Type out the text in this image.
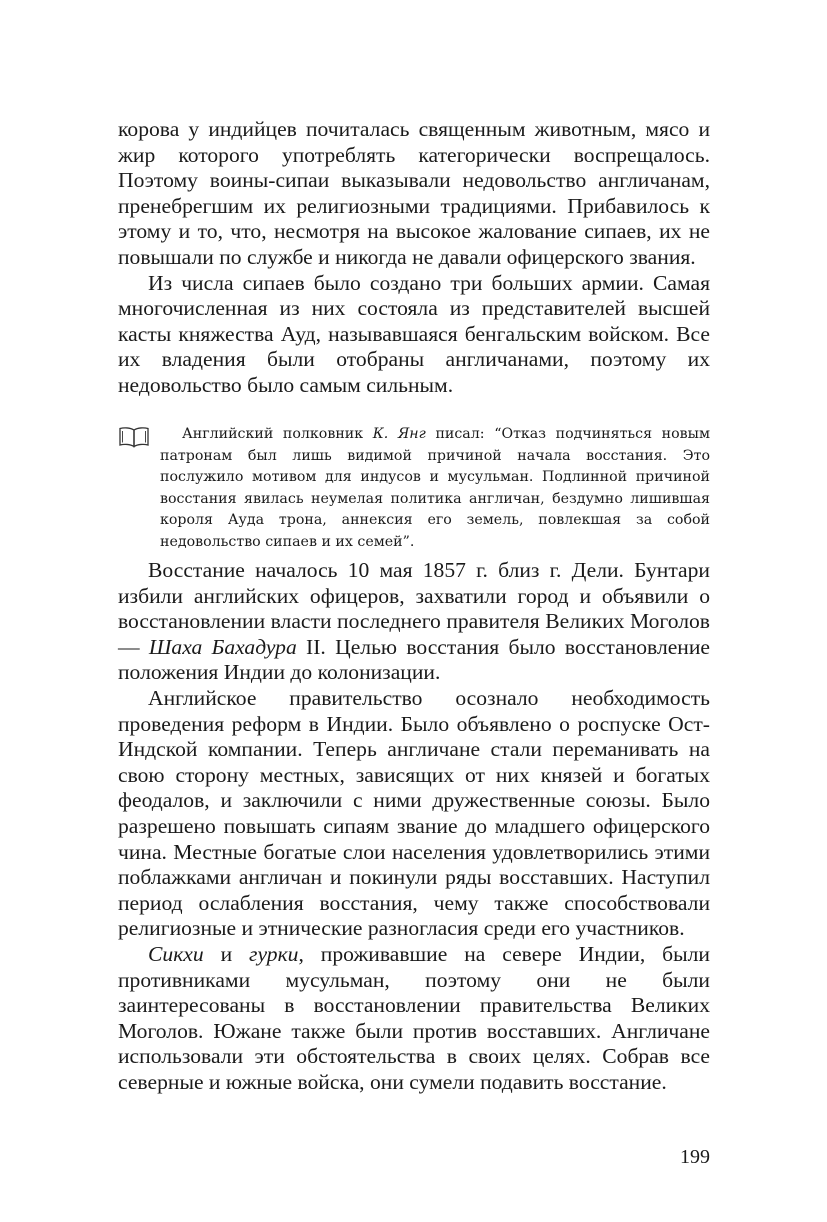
корова у индийцев почиталась священным животным, мясо и жир которого употреблять категорически воспрещалось. Поэтому воины-сипаи выказывали недовольство англичанам, пренебрегшим их религиозными традициями. Прибавилось к этому и то, что, несмотря на высокое жалование сипаев, их не повышали по службе и никогда не давали офицерского звания.

Из числа сипаев было создано три больших армии. Самая многочисленная из них состояла из представителей высшей касты княжества Ауд, называвшаяся бенгальским войском. Все их владения были отобраны англичанами, поэтому их недовольство было самым сильным.

Английский полковник К. Янг писал: “Отказ подчиняться новым патронам был лишь видимой причиной начала восстания. Это послужило мотивом для индусов и мусульман. Подлинной причиной восстания явилась неумелая политика англичан, бездумно лишившая короля Ауда трона, аннексия его земель, повлекшая за собой недовольство сипаев и их семей”.

Восстание началось 10 мая 1857 г. близ г. Дели. Бунтари избили английских офицеров, захватили город и объявили о восстановлении власти последнего правителя Великих Моголов — Шаха Бахадура II. Целью восстания было восстановление положения Индии до колонизации.

Английское правительство осознало необходимость проведения реформ в Индии. Было объявлено о роспуске Ост-Индской компании. Теперь англичане стали переманивать на свою сторону местных, зависящих от них князей и богатых феодалов, и заключили с ними дружественные союзы. Было разрешено повышать сипаям звание до младшего офицерского чина. Местные богатые слои населения удовлетворились этими поблажками англичан и покинули ряды восставших. Наступил период ослабления восстания, чему также способствовали религиозные и этнические разногласия среди его участников.

Сикхи и гурки, проживавшие на севере Индии, были противниками мусульман, поэтому они не были заинтересованы в восстановлении правительства Великих Моголов. Южане также были против восставших. Англичане использовали эти обстоятельства в своих целях. Собрав все северные и южные войска, они сумели подавить восстание.

199
